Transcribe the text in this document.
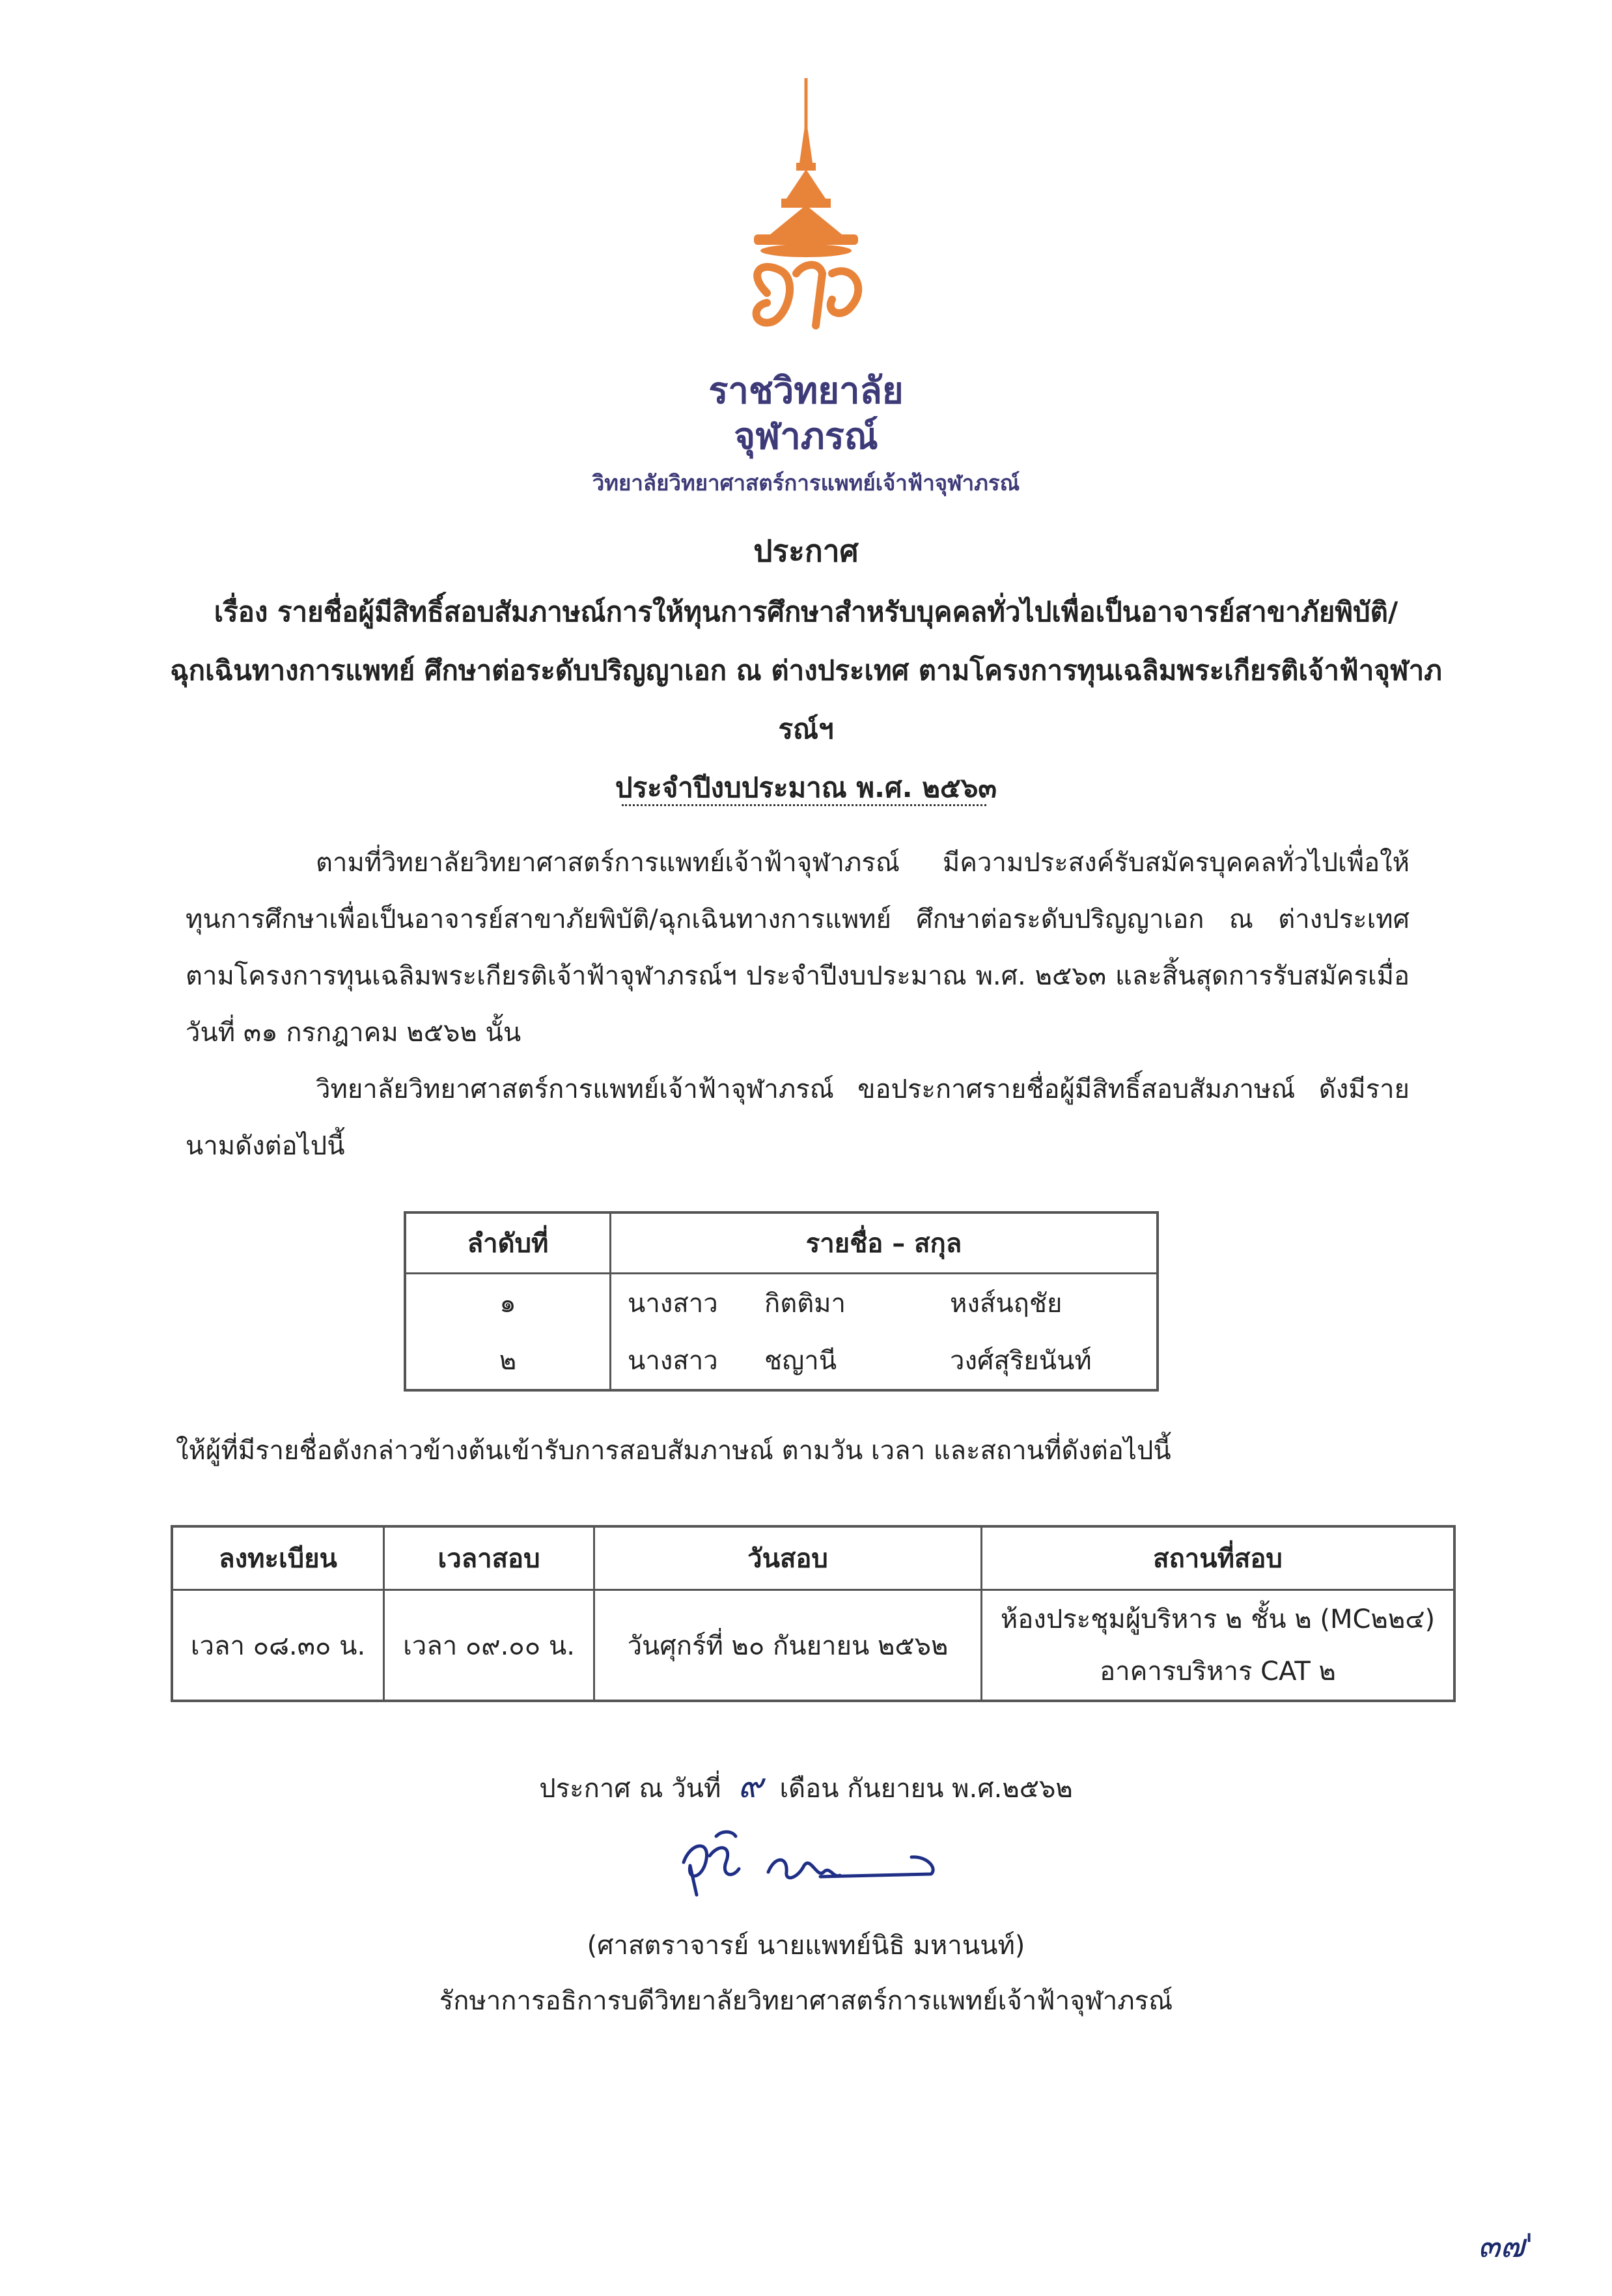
ราชวิทยาลัย
จุฬาภรณ์
วิทยาลัยวิทยาศาสตร์การแพทย์เจ้าฟ้าจุฬาภรณ์
ประกาศ
เรื่อง รายชื่อผู้มีสิทธิ์สอบสัมภาษณ์การให้ทุนการศึกษาสำหรับบุคคลทั่วไปเพื่อเป็นอาจารย์สาขาภัยพิบัติ/
ฉุกเฉินทางการแพทย์ ศึกษาต่อระดับปริญญาเอก ณ ต่างประเทศ ตามโครงการทุนเฉลิมพระเกียรติเจ้าฟ้าจุฬาภรณ์ฯ
ประจำปีงบประมาณ พ.ศ. ๒๕๖๓
ตามที่วิทยาลัยวิทยาศาสตร์การแพทย์เจ้าฟ้าจุฬาภรณ์ มีความประสงค์รับสมัครบุคคลทั่วไปเพื่อให้ทุนการศึกษาเพื่อเป็นอาจารย์สาขาภัยพิบัติ/ฉุกเฉินทางการแพทย์ ศึกษาต่อระดับปริญญาเอก ณ ต่างประเทศ ตามโครงการทุนเฉลิมพระเกียรติเจ้าฟ้าจุฬาภรณ์ฯ ประจำปีงบประมาณ พ.ศ. ๒๕๖๓ และสิ้นสุดการรับสมัครเมื่อวันที่ ๓๑ กรกฎาคม ๒๕๖๒ นั้น
วิทยาลัยวิทยาศาสตร์การแพทย์เจ้าฟ้าจุฬาภรณ์ ขอประกาศรายชื่อผู้มีสิทธิ์สอบสัมภาษณ์ ดังมีรายนามดังต่อไปนี้
ลำดับที่	รายชื่อ – สกุล
๑	นางสาว กิตติมา หงส์นฤชัย
๒	นางสาว ชญานี วงศ์สุริยนันท์
ให้ผู้ที่มีรายชื่อดังกล่าวข้างต้นเข้ารับการสอบสัมภาษณ์ ตามวัน เวลา และสถานที่ดังต่อไปนี้
ลงทะเบียน	เวลาสอบ	วันสอบ	สถานที่สอบ
เวลา ๐๘.๓๐ น.	เวลา ๐๙.๐๐ น.	วันศุกร์ที่ ๒๐ กันยายน ๒๕๖๒	ห้องประชุมผู้บริหาร ๒ ชั้น ๒ (MC๒๒๔)
อาคารบริหาร CAT ๒
ประกาศ ณ วันที่ ๙ เดือน กันยายน พ.ศ.๒๕๖๒
(ศาสตราจารย์ นายแพทย์นิธิ มหานนท์)
รักษาการอธิการบดีวิทยาลัยวิทยาศาสตร์การแพทย์เจ้าฟ้าจุฬาภรณ์
๓๗'
